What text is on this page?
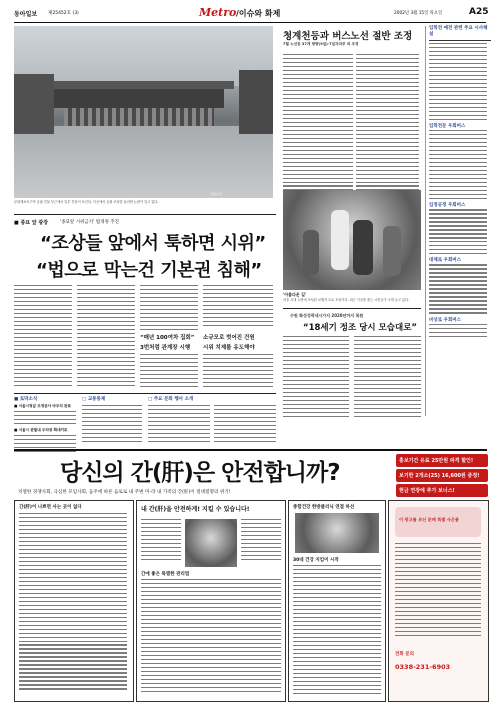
동아일보 제25452호 (3)	Metro /이슈와 화제	2002년 3월 15일 목요일	A25
서울사진
문화재보호구역 궁궐 건물 부근에서 일부 건물이 보인다. 이곳에서 공원 조성을 둘러싼 논란이 일고 있다.
청계천등과 버스노선 절반 조정
7월 노선등 37개 방향(9일)·7일각과부 외 조정
입학전 예전 관련 주요 시사해설
입학전문 우회버스
입정공정 우회버스
대체로 우회버스
비상로 우회버스
■ 종묘 앞 광장	'종묘앞 시위금지' 법개정 추진
“조상들 앞에서 툭하면 시위”
“법으로 막는건 기본권 침해”
“매년 100여차 집회”
3번처럼 관계장 시행
소규모로 벗어진 건원
시위 치제를 유도해야
'아름다운 길'
서울 시내 노면에 조성된 보행자 도로 모습이다. 최근 이곳을 찾는 시민들이 크게 늘고 있다.
수원 화성성곽내시가지 2020년까지 복원
“18세기 정조 당시 모습대로”
■ 토막소식
■ 서울시청앞 조경공사 마무리 완료
■ 서울시 관할내 주차장 확대키로
□ 교통통제	□ 주요 문화 행사 소개
당신의 간(肝)은 안전합니까?
치열한 경쟁사회, 극심한 모임사회, 음주에 따른 음로로 내 주변 미-라 내 가족의 간(肝)이 절대절명의 위기!
홍보기간 유료 25만원 파격 할인!
보기한 2개소(25) 16,600원 증정!
현금 연장에 추가 보너스!
간(肝)이 나쁘면 사는 곳이 없다	내 간(肝)을 안전하게! 지킬 수 있습니다!
간에 좋은 특별한 관리법
종합건강 한방클리닉 연결 하선
30대 건강 지킴이 시작
이 광고를 보신 분께 특별 사은품
전화 문의
0338-231-6903
